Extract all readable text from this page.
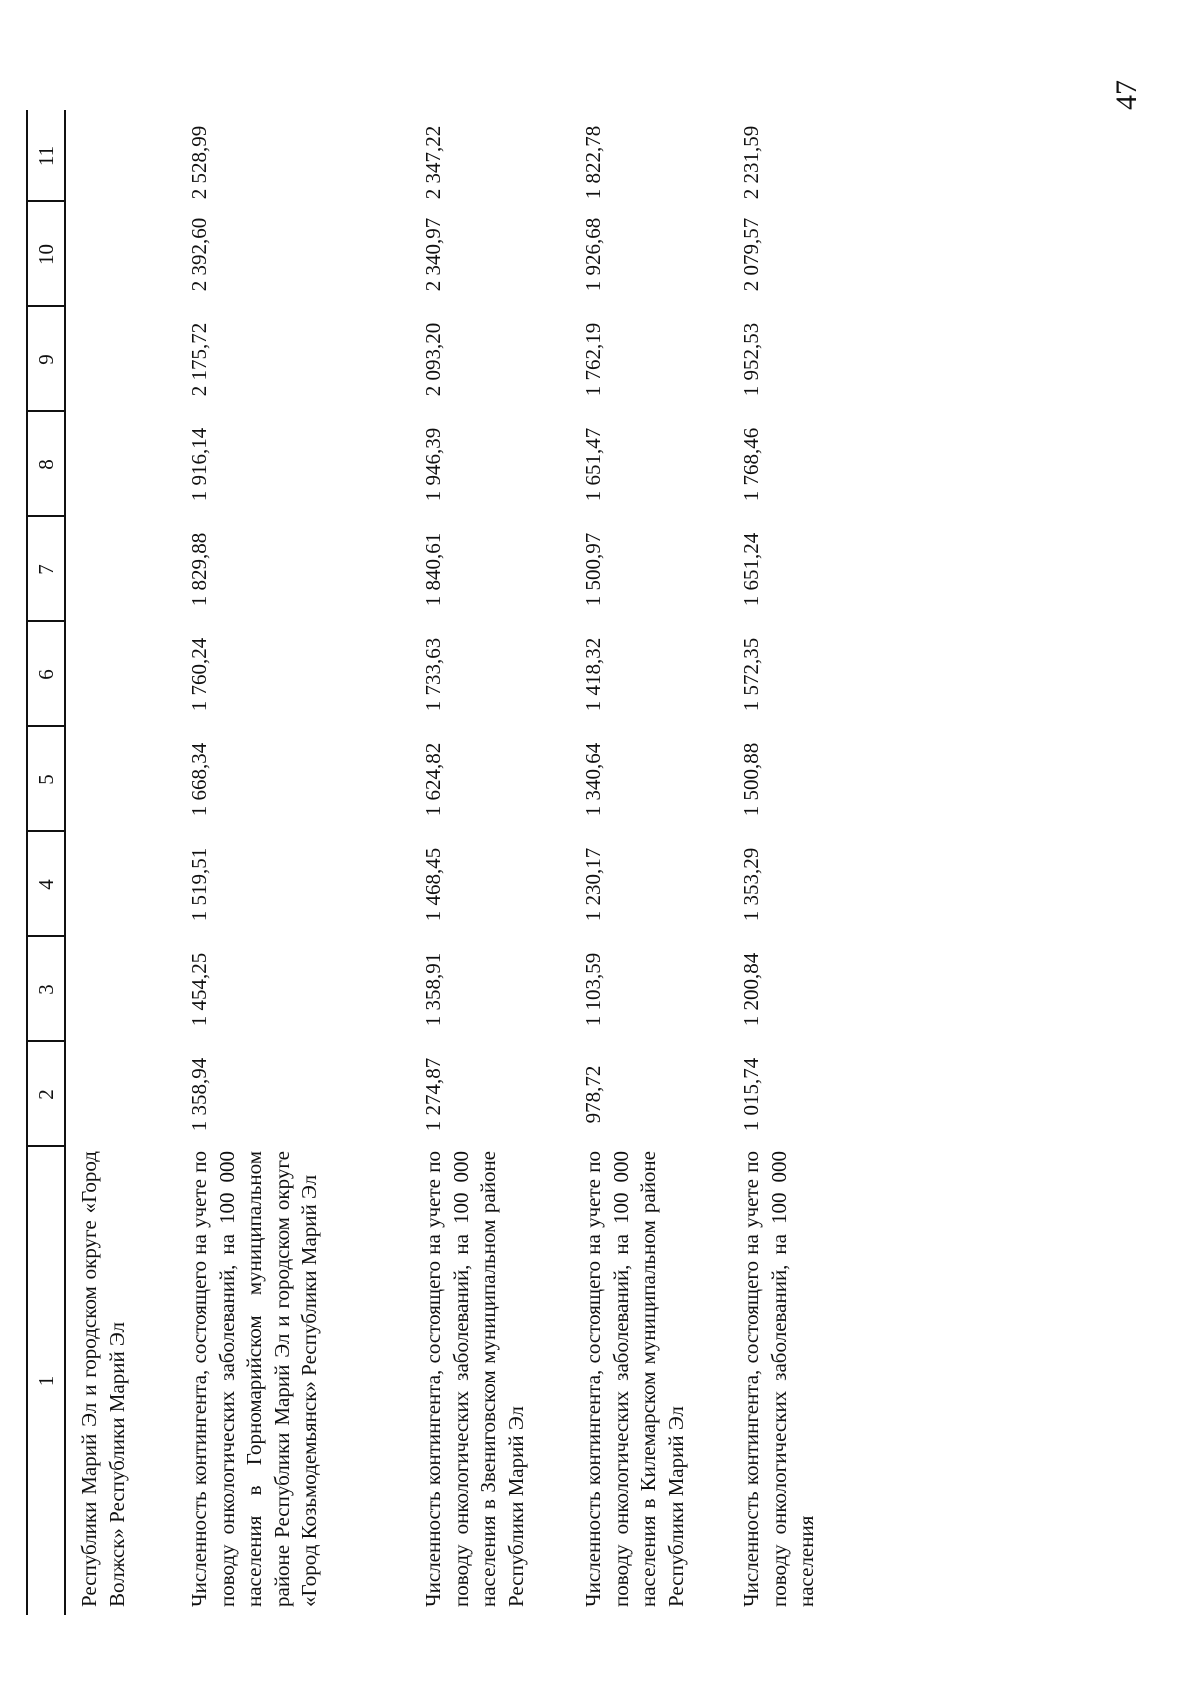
47
1
2
3
4
5
6
7
8
9
10
11
Республики Марий Эл и городском округе «Город Волжск» Республики Марий Эл	Численность контингента, состоящего на учете по поводу онкологических заболеваний, на 100 000 населения в Горномарийском муниципальном районе Республики Марий Эл и городском округе «Город Козьмодемьянск» Республики Марий Эл
1 358,94
1 454,25
1 519,51
1 668,34
1 760,24
1 829,88
1 916,14
2 175,72
2 392,60
2 528,99
Численность контингента, состоящего на учете по поводу онкологических заболеваний, на 100 000 населения в Звениговском муниципальном районе Республики Марий Эл
1 274,87
1 358,91
1 468,45
1 624,82
1 733,63
1 840,61
1 946,39
2 093,20
2 340,97
2 347,22
Численность контингента, состоящего на учете по поводу онкологических заболеваний, на 100 000 населения в Килемарском муниципальном районе Республики Марий Эл
978,72
1 103,59
1 230,17
1 340,64
1 418,32
1 500,97
1 651,47
1 762,19
1 926,68
1 822,78
Численность контингента, состоящего на учете по поводу онкологических заболеваний, на 100 000 населения
1 015,74
1 200,84
1 353,29
1 500,88
1 572,35
1 651,24
1 768,46
1 952,53
2 079,57
2 231,59
